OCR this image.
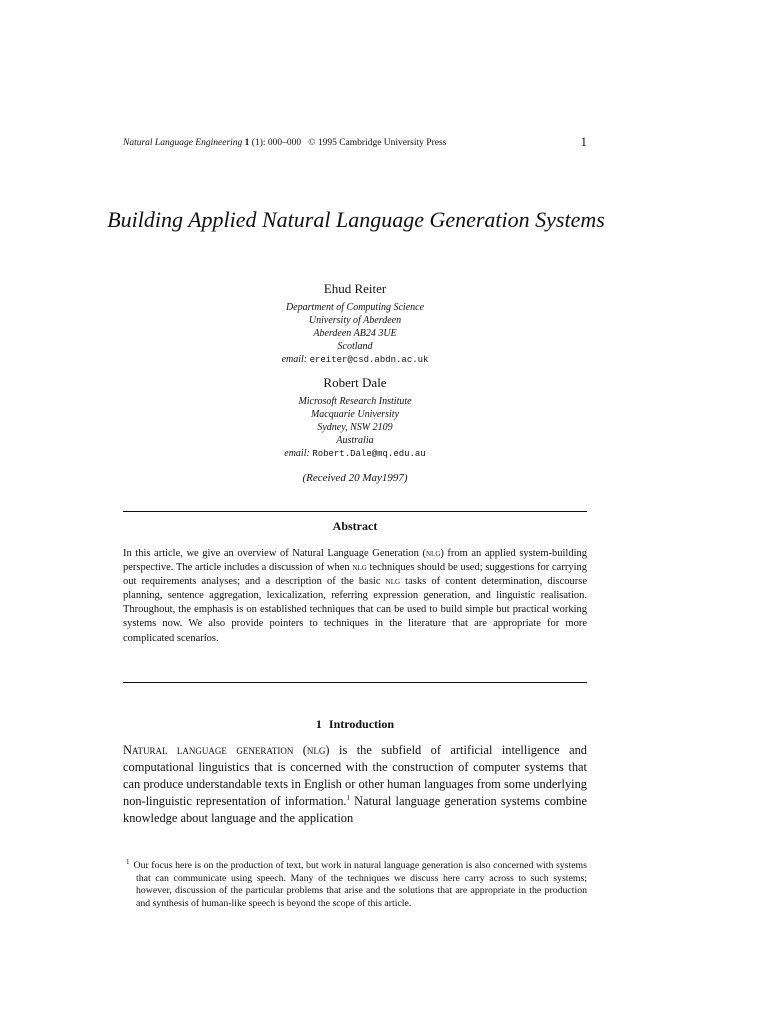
Natural Language Engineering 1 (1): 000–000 © 1995 Cambridge University Press	1
Building Applied Natural Language Generation Systems
Ehud Reiter
Department of Computing Science
University of Aberdeen
Aberdeen AB24 3UE
Scotland
email: ereiter@csd.abdn.ac.uk
Robert Dale
Microsoft Research Institute
Macquarie University
Sydney, NSW 2109
Australia
email: Robert.Dale@mq.edu.au
(Received 20 May1997)
Abstract
In this article, we give an overview of Natural Language Generation (nlg) from an applied system-building perspective. The article includes a discussion of when nlg techniques should be used; suggestions for carrying out requirements analyses; and a description of the basic nlg tasks of content determination, discourse planning, sentence aggregation, lexicalization, referring expression generation, and linguistic realisation. Throughout, the emphasis is on established techniques that can be used to build simple but practical working systems now. We also provide pointers to techniques in the literature that are appropriate for more complicated scenarios.
1 Introduction
Natural language generation (nlg) is the subfield of artificial intelligence and computational linguistics that is concerned with the construction of computer systems that can produce understandable texts in English or other human languages from some underlying non-linguistic representation of information.$^1$ Natural language generation systems combine knowledge about language and the application
$^1$ Our focus here is on the production of text, but work in natural language generation is also concerned with systems that can communicate using speech. Many of the techniques we discuss here carry across to such systems; however, discussion of the particular problems that arise and the solutions that are appropriate in the production and synthesis of human-like speech is beyond the scope of this article.
